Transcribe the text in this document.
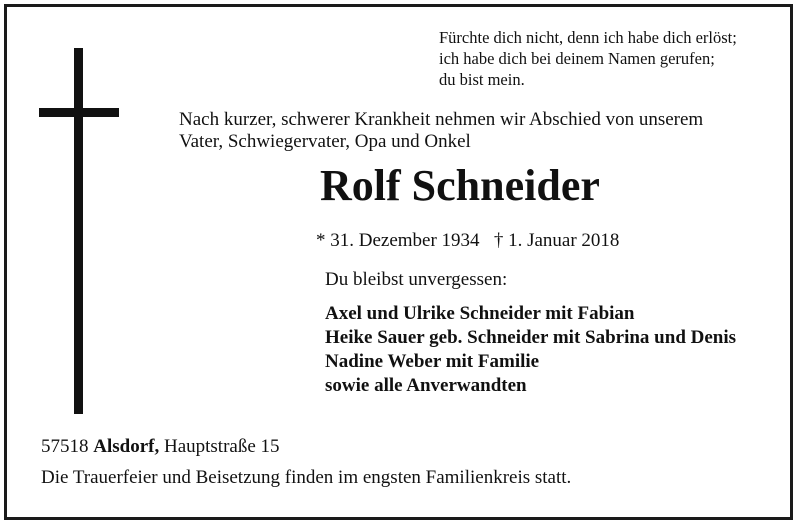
Fürchte dich nicht, denn ich habe dich erlöst;
ich habe dich bei deinem Namen gerufen;
du bist mein.
Nach kurzer, schwerer Krankheit nehmen wir Abschied von unserem
Vater, Schwiegervater, Opa und Onkel
Rolf Schneider
* 31. Dezember 1934 † 1. Januar 2018
Du bleibst unvergessen:
Axel und Ulrike Schneider mit Fabian
Heike Sauer geb. Schneider mit Sabrina und Denis
Nadine Weber mit Familie
sowie alle Anverwandten
57518 Alsdorf, Hauptstraße 15
Die Trauerfeier und Beisetzung finden im engsten Familienkreis statt.
